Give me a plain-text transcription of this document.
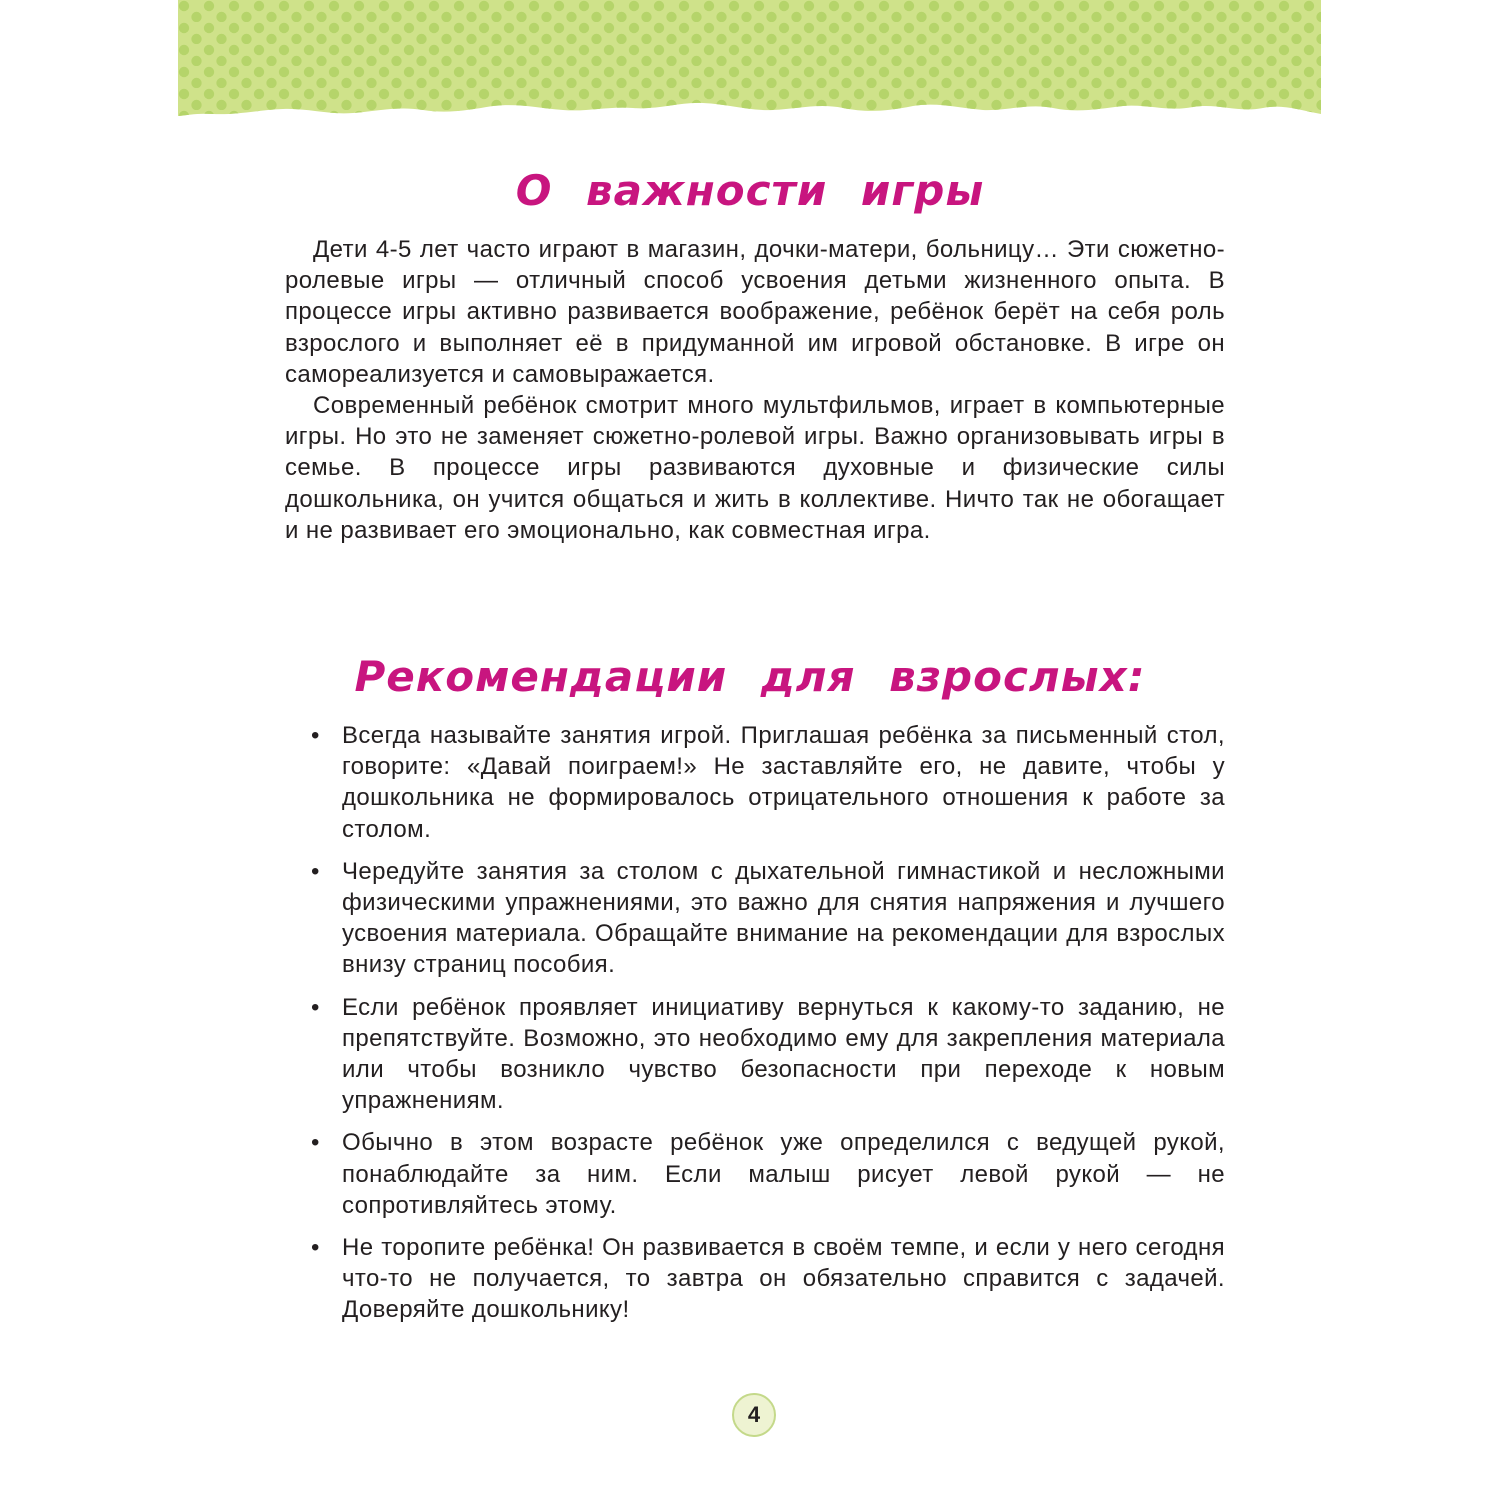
О важности игры

Дети 4-5 лет часто играют в магазин, дочки-матери, больницу… Эти сюжетно-ролевые игры — отличный способ усвоения детьми жизненного опыта. В процессе игры активно развивается воображение, ребёнок берёт на себя роль взрослого и выполняет её в придуманной им игровой обстановке. В игре он самореализуется и самовыражается.

Современный ребёнок смотрит много мультфильмов, играет в компьютерные игры. Но это не заменяет сюжетно-ролевой игры. Важно организовывать игры в семье. В процессе игры развиваются духовные и физические силы дошкольника, он учится общаться и жить в коллективе. Ничто так не обогащает и не развивает его эмоционально, как совместная игра.

Рекомендации для взрослых:
• Всегда называйте занятия игрой. Приглашая ребёнка за письменный стол, говорите: «Давай поиграем!» Не заставляйте его, не давите, чтобы у дошкольника не формировалось отрицательного отношения к работе за столом.
• Чередуйте занятия за столом с дыхательной гимнастикой и несложными физическими упражнениями, это важно для снятия напряжения и лучшего усвоения материала. Обращайте внимание на рекомендации для взрослых внизу страниц пособия.
• Если ребёнок проявляет инициативу вернуться к какому-то заданию, не препятствуйте. Возможно, это необходимо ему для закрепления материала или чтобы возникло чувство безопасности при переходе к новым упражнениям.
• Обычно в этом возрасте ребёнок уже определился с ведущей рукой, понаблюдайте за ним. Если малыш рисует левой рукой — не сопротивляйтесь этому.
• Не торопите ребёнка! Он развивается в своём темпе, и если у него сегодня что-то не получается, то завтра он обязательно справится с задачей. Доверяйте дошкольнику!
4
